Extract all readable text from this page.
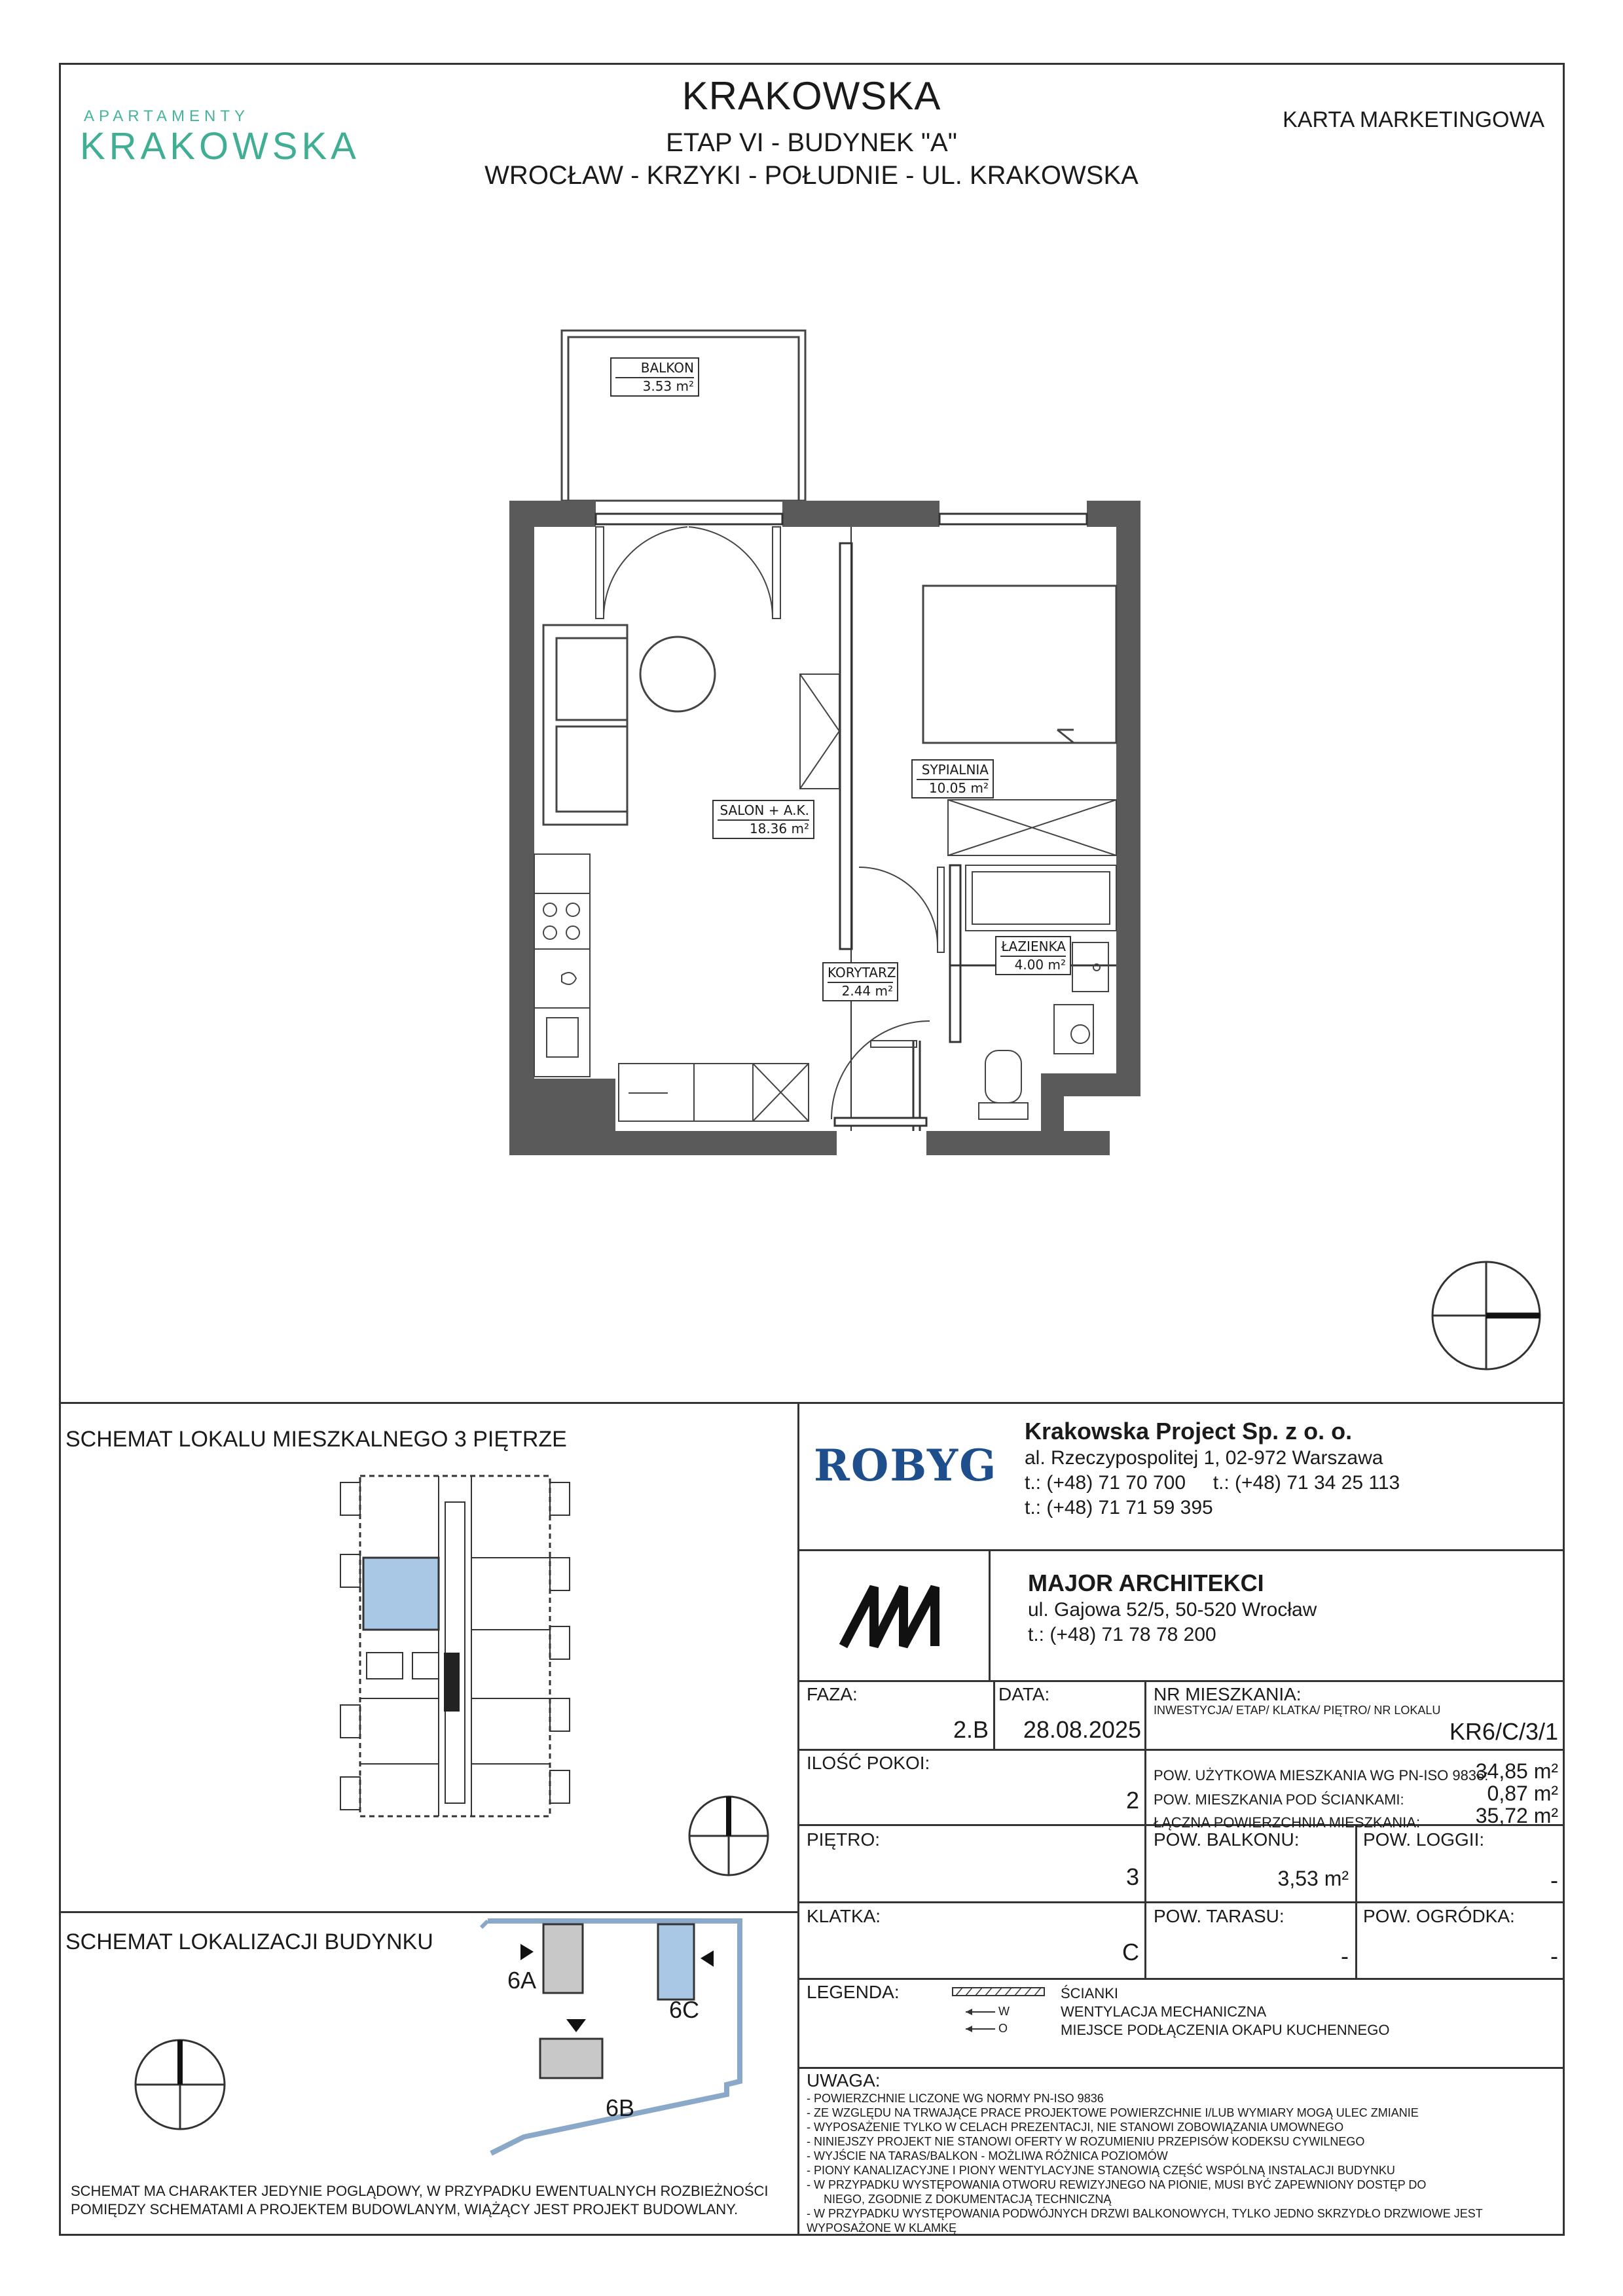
APARTAMENTY
KRAKOWSKA
KRAKOWSKA
ETAP VI - BUDYNEK "A"
WROCŁAW - KRZYKI - POŁUDNIE - UL. KRAKOWSKA
KARTA MARKETINGOWA
BALKON
3.53 m²
SALON + A.K.
18.36 m²
SYPIALNIA
10.05 m²
ŁAZIENKA
4.00 m²
KORYTARZ
2.44 m²
SCHEMAT LOKALU MIESZKALNEGO 3 PIĘTRZE
SCHEMAT LOKALIZACJI BUDYNKU
6A
6B
6C
SCHEMAT MA CHARAKTER JEDYNIE POGLĄDOWY, W PRZYPADKU EWENTUALNYCH ROZBIEŻNOŚCI
POMIĘDZY SCHEMATAMI A PROJEKTEM BUDOWLANYM, WIĄŻĄCY JEST PROJEKT BUDOWLANY.
ROBYG
Krakowska Project Sp. z o. o.
al. Rzeczypospolitej 1, 02-972 Warszawa
t.: (+48) 71 70 700 t.: (+48) 71 34 25 113
t.: (+48) 71 71 59 395
MAJOR ARCHITEKCI
ul. Gajowa 52/5, 50-520 Wrocław
t.: (+48) 71 78 78 200
FAZA:
2.B
DATA:
28.08.2025
NR MIESZKANIA:
INWESTYCJA/ ETAP/ KLATKA/ PIĘTRO/ NR LOKALU
KR6/C/3/1
ILOŚĆ POKOI:
2
POW. UŻYTKOWA MIESZKANIA WG PN-ISO 9836:
34,85 m²
POW. MIESZKANIA POD ŚCIANKAMI:	0,87 m²
ŁĄCZNA POWIERZCHNIA MIESZKANIA:	35,72 m²
PIĘTRO:
3
POW. BALKONU:
3,53 m²
POW. LOGGII:
-
KLATKA:
C
POW. TARASU:
-
POW. OGRÓDKA:
-
LEGENDA:
W
O
ŚCIANKI
WENTYLACJA MECHANICZNA
MIEJSCE PODŁĄCZENIA OKAPU KUCHENNEGO
UWAGA:
- POWIERZCHNIE LICZONE WG NORMY PN-ISO 9836
- ZE WZGLĘDU NA TRWAJĄCE PRACE PROJEKTOWE POWIERZCHNIE I/LUB WYMIARY MOGĄ ULEC ZMIANIE
- WYPOSAŻENIE TYLKO W CELACH PREZENTACJI, NIE STANOWI ZOBOWIĄZANIA UMOWNEGO
- NINIEJSZY PROJEKT NIE STANOWI OFERTY W ROZUMIENIU PRZEPISÓW KODEKSU CYWILNEGO
- WYJŚCIE NA TARAS/BALKON - MOŻLIWA RÓŻNICA POZIOMÓW
- PIONY KANALIZACYJNE I PIONY WENTYLACYJNE STANOWIĄ CZĘŚĆ WSPÓLNĄ INSTALACJI BUDYNKU
- W PRZYPADKU WYSTĘPOWANIA OTWORU REWIZYJNEGO NA PIONIE, MUSI BYĆ ZAPEWNIONY DOSTĘP DO
NIEGO, ZGODNIE Z DOKUMENTACJĄ TECHNICZNĄ
- W PRZYPADKU WYSTĘPOWANIA PODWÓJNYCH DRZWI BALKONOWYCH, TYLKO JEDNO SKRZYDŁO DRZWIOWE JEST
WYPOSAŻONE W KLAMKĘ
